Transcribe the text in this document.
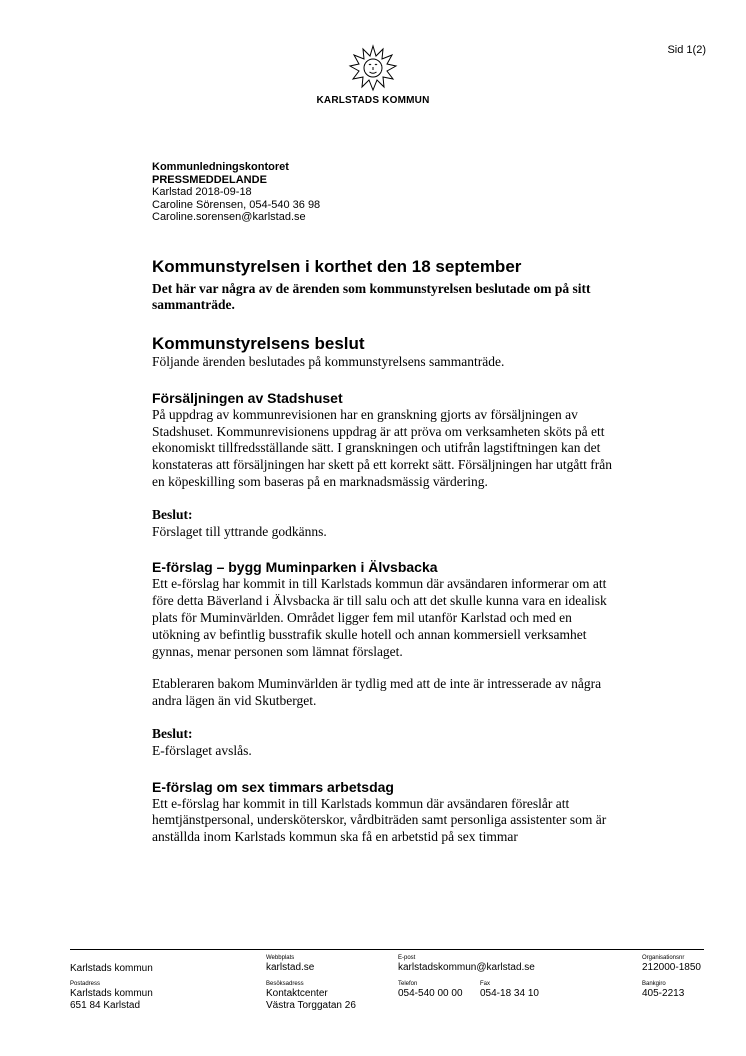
Sid 1(2)
KARLSTADS KOMMUN
Kommunledningskontoret
PRESSMEDDELANDE
Karlstad 2018-09-18
Caroline Sörensen, 054-540 36 98
Caroline.sorensen@karlstad.se
Kommunstyrelsen i korthet den 18 september

Det här var några av de ärenden som kommunstyrelsen beslutade om på sitt sammanträde.

Kommunstyrelsens beslut

Följande ärenden beslutades på kommunstyrelsens sammanträde.

Försäljningen av Stadshuset

På uppdrag av kommunrevisionen har en granskning gjorts av försäljningen av Stadshuset. Kommunrevisionens uppdrag är att pröva om verksamheten sköts på ett ekonomiskt tillfredsställande sätt. I granskningen och utifrån lagstiftningen kan det konstateras att försäljningen har skett på ett korrekt sätt. Försäljningen har utgått från en köpeskilling som baseras på en marknadsmässig värdering.

Beslut:

Förslaget till yttrande godkänns.

E-förslag – bygg Muminparken i Älvsbacka

Ett e-förslag har kommit in till Karlstads kommun där avsändaren informerar om att före detta Bäverland i Älvsbacka är till salu och att det skulle kunna vara en idealisk plats för Muminvärlden. Området ligger fem mil utanför Karlstad och med en utökning av befintlig busstrafik skulle hotell och annan kommersiell verksamhet gynnas, menar personen som lämnat förslaget.

Etableraren bakom Muminvärlden är tydlig med att de inte är intresserade av några andra lägen än vid Skutberget.

Beslut:

E-förslaget avslås.

E-förslag om sex timmars arbetsdag

Ett e-förslag har kommit in till Karlstads kommun där avsändaren föreslår att hemtjänstpersonal, undersköterskor, vårdbiträden samt personliga assistenter som är anställda inom Karlstads kommun ska få en arbetstid på sex timmar

Karlstads kommun
Webbplats
karlstad.se
E-post
karlstadskommun@karlstad.se
Organisationsnr
212000-1850
Postadress
Karlstads kommun
651 84 Karlstad
Besöksadress
Kontaktcenter
Västra Torggatan 26
Telefon
054-540 00 00
Fax
054-18 34 10
Bankgiro
405-2213
